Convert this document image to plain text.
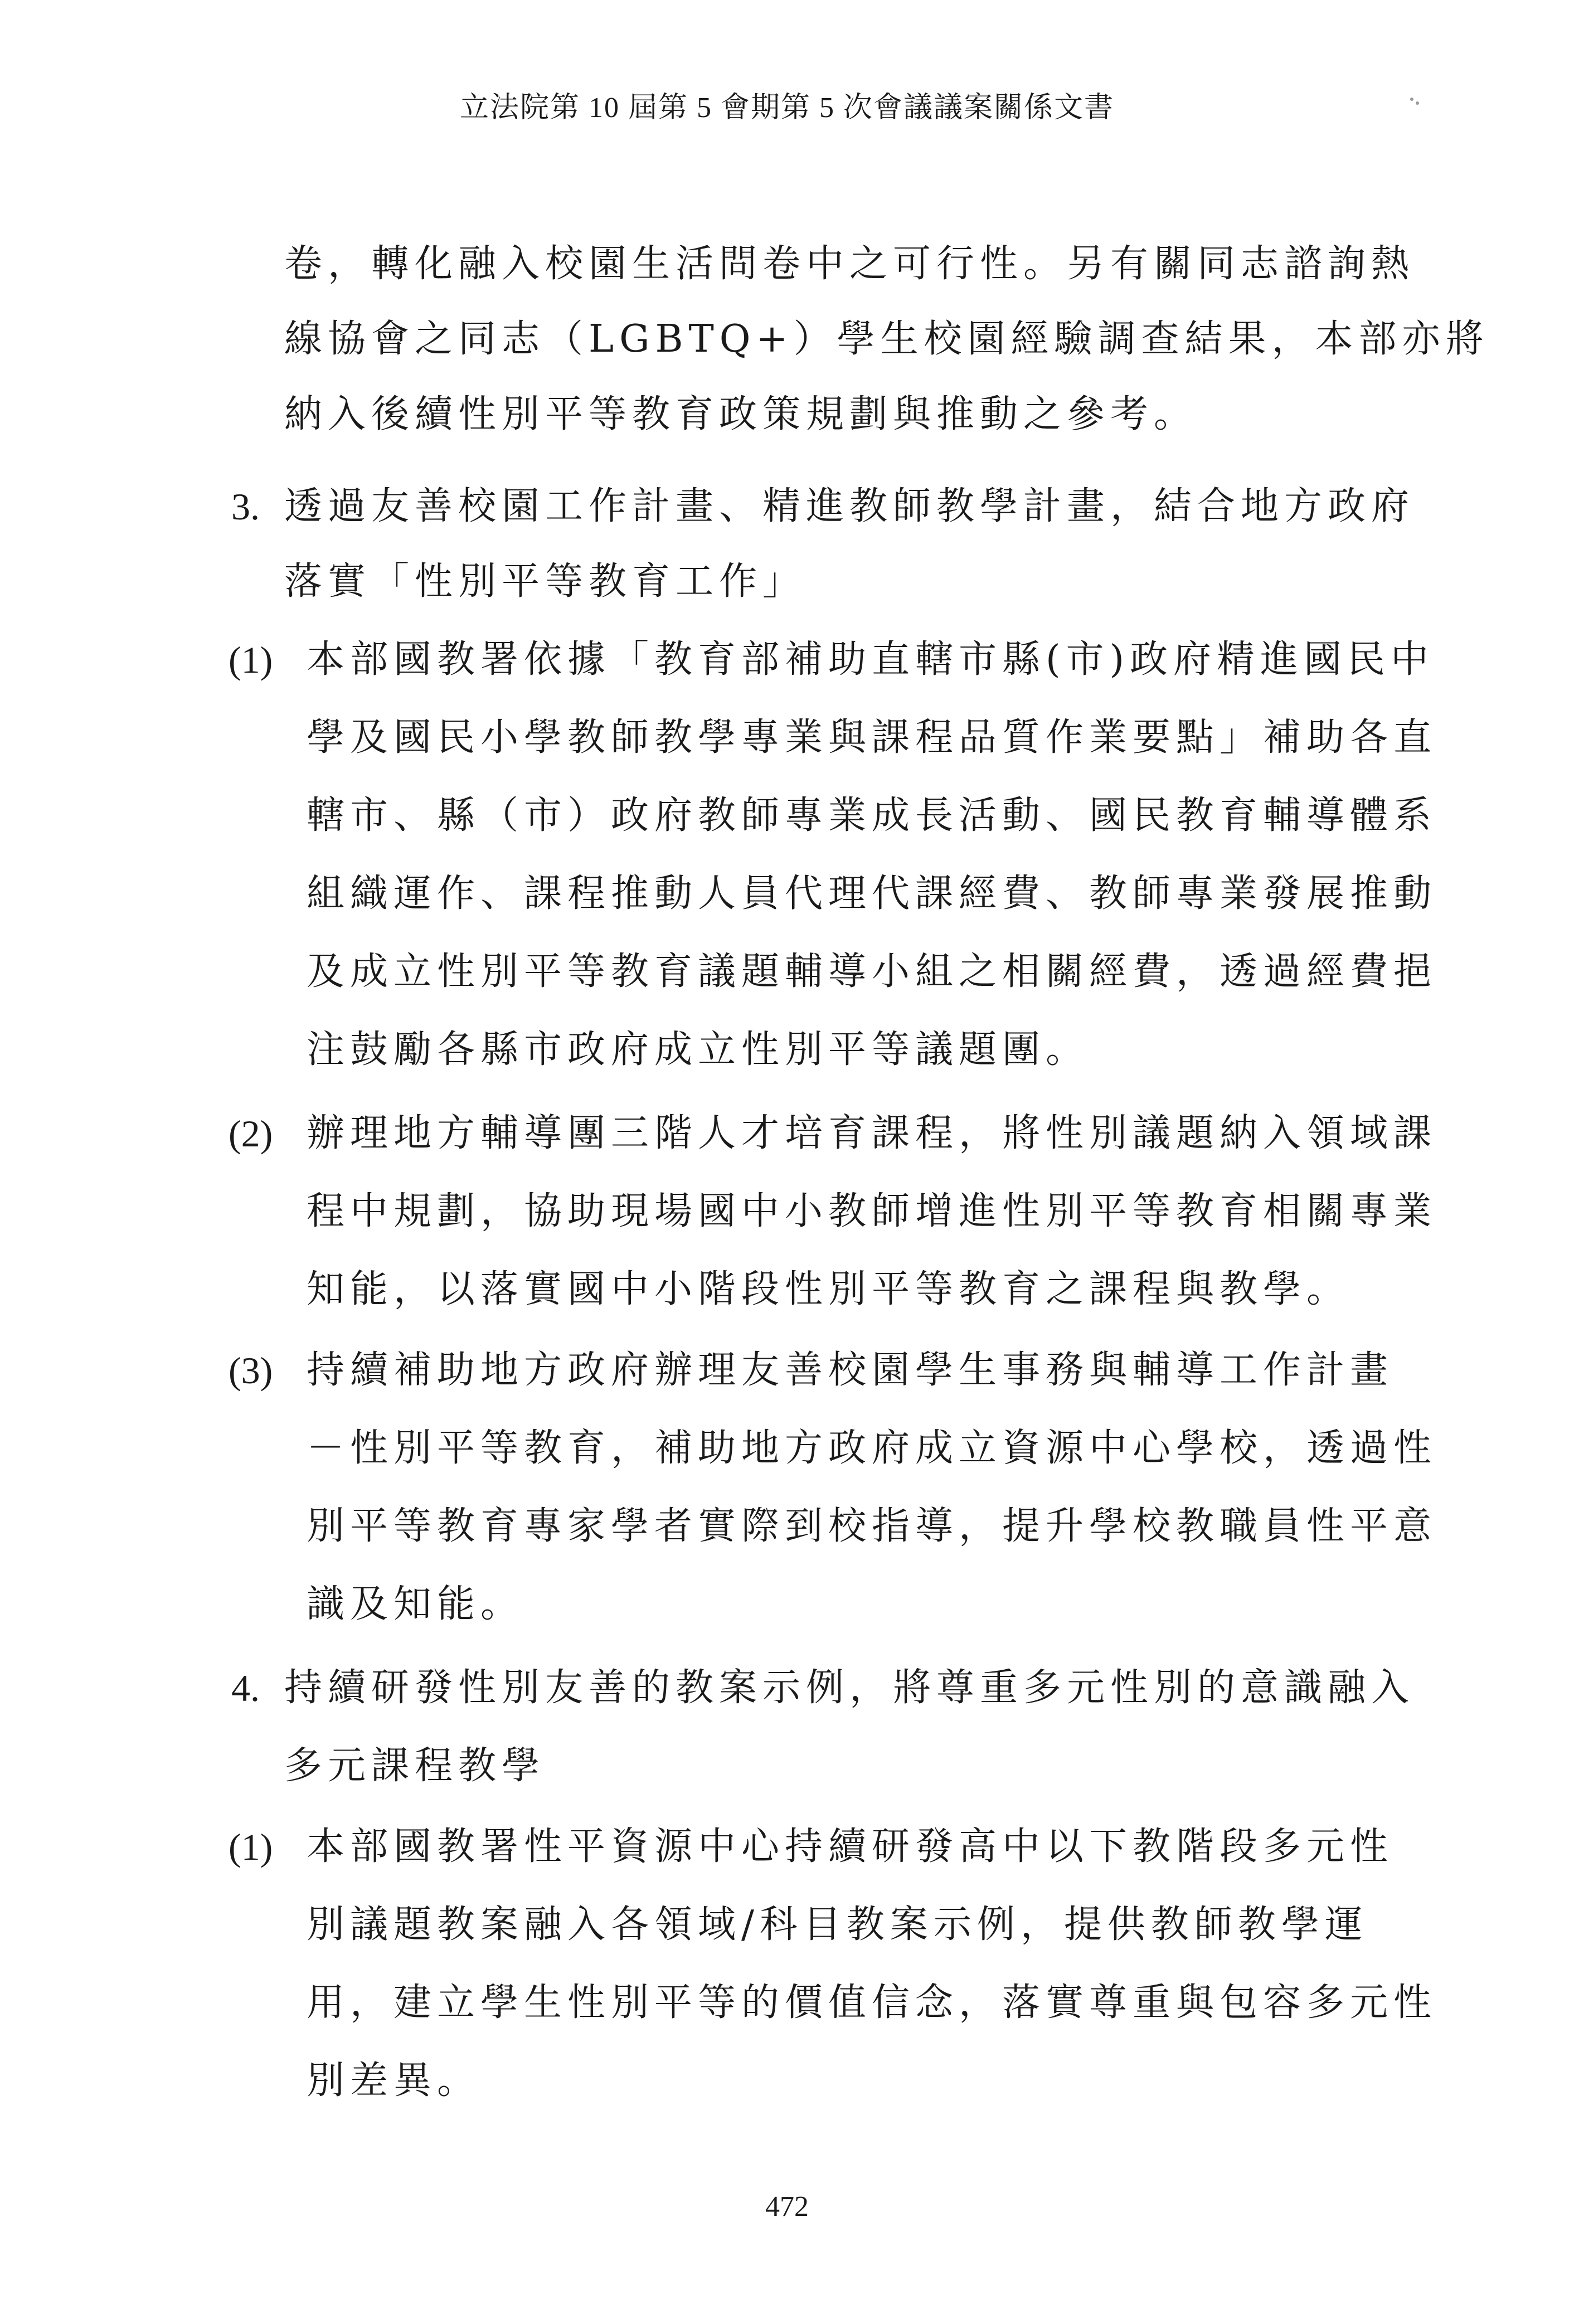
立法院第 10 屆第 5 會期第 5 次會議議案關係文書
卷，轉化融入校園生活問卷中之可行性。另有關同志諮詢熱
線協會之同志（LGBTQ+）學生校園經驗調查結果，本部亦將
納入後續性別平等教育政策規劃與推動之參考。
3. 透過友善校園工作計畫、精進教師教學計畫，結合地方政府
落實「性別平等教育工作」
(1) 本部國教署依據「教育部補助直轄市縣(市)政府精進國民中
學及國民小學教師教學專業與課程品質作業要點」補助各直
轄市、縣（市）政府教師專業成長活動、國民教育輔導體系
組織運作、課程推動人員代理代課經費、教師專業發展推動
及成立性別平等教育議題輔導小組之相關經費，透過經費挹
注鼓勵各縣市政府成立性別平等議題團。
(2) 辦理地方輔導團三階人才培育課程，將性別議題納入領域課
程中規劃，協助現場國中小教師增進性別平等教育相關專業
知能，以落實國中小階段性別平等教育之課程與教學。
(3) 持續補助地方政府辦理友善校園學生事務與輔導工作計畫
－性別平等教育，補助地方政府成立資源中心學校，透過性
別平等教育專家學者實際到校指導，提升學校教職員性平意
識及知能。
4. 持續研發性別友善的教案示例，將尊重多元性別的意識融入
多元課程教學
(1) 本部國教署性平資源中心持續研發高中以下教階段多元性
別議題教案融入各領域/科目教案示例，提供教師教學運
用，建立學生性別平等的價值信念，落實尊重與包容多元性
別差異。
472
